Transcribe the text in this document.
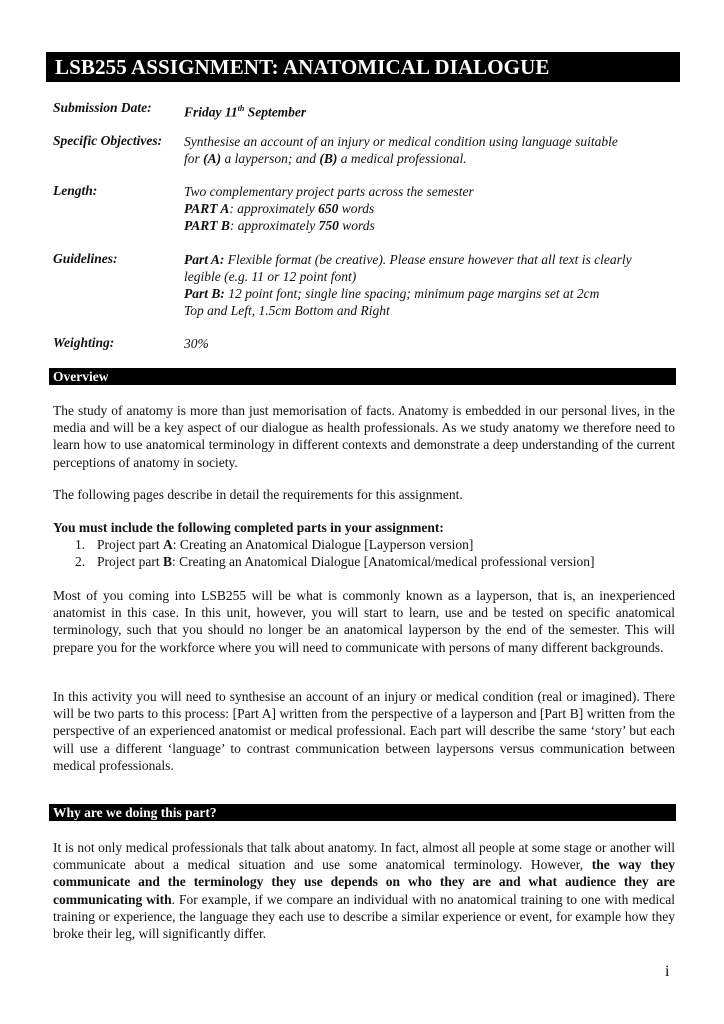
LSB255 ASSIGNMENT: ANATOMICAL DIALOGUE
Submission Date: Friday 11th September
Specific Objectives: Synthesise an account of an injury or medical condition using language suitable
for (A) a layperson; and (B) a medical professional.
Length:	Two complementary project parts across the semester
PART A: approximately 650 words
PART B: approximately 750 words
Guidelines:	Part A: Flexible format (be creative). Please ensure however that all text is clearly
legible (e.g. 11 or 12 point font)
Part B: 12 point font; single line spacing; minimum page margins set at 2cm
Top and Left, 1.5cm Bottom and Right
Weighting:	30%
Overview
The study of anatomy is more than just memorisation of facts. Anatomy is embedded in our personal lives, in the media and will be a key aspect of our dialogue as health professionals. As we study anatomy we therefore need to learn how to use anatomical terminology in different contexts and demonstrate a deep understanding of the current perceptions of anatomy in society.
The following pages describe in detail the requirements for this assignment.
You must include the following completed parts in your assignment:
1. Project part A: Creating an Anatomical Dialogue [Layperson version]
2. Project part B: Creating an Anatomical Dialogue [Anatomical/medical professional version]
Most of you coming into LSB255 will be what is commonly known as a layperson, that is, an inexperienced anatomist in this case. In this unit, however, you will start to learn, use and be tested on specific anatomical terminology, such that you should no longer be an anatomical layperson by the end of the semester. This will prepare you for the workforce where you will need to communicate with persons of many different backgrounds.
In this activity you will need to synthesise an account of an injury or medical condition (real or imagined). There will be two parts to this process: [Part A] written from the perspective of a layperson and [Part B] written from the perspective of an experienced anatomist or medical professional. Each part will describe the same ‘story’ but each will use a different ‘language’ to contrast communication between laypersons versus communication between medical professionals.
Why are we doing this part?
It is not only medical professionals that talk about anatomy. In fact, almost all people at some stage or another will communicate about a medical situation and use some anatomical terminology. However, the way they communicate and the terminology they use depends on who they are and what audience they are communicating with. For example, if we compare an individual with no anatomical training to one with medical training or experience, the language they each use to describe a similar experience or event, for example how they broke their leg, will significantly differ.
i
